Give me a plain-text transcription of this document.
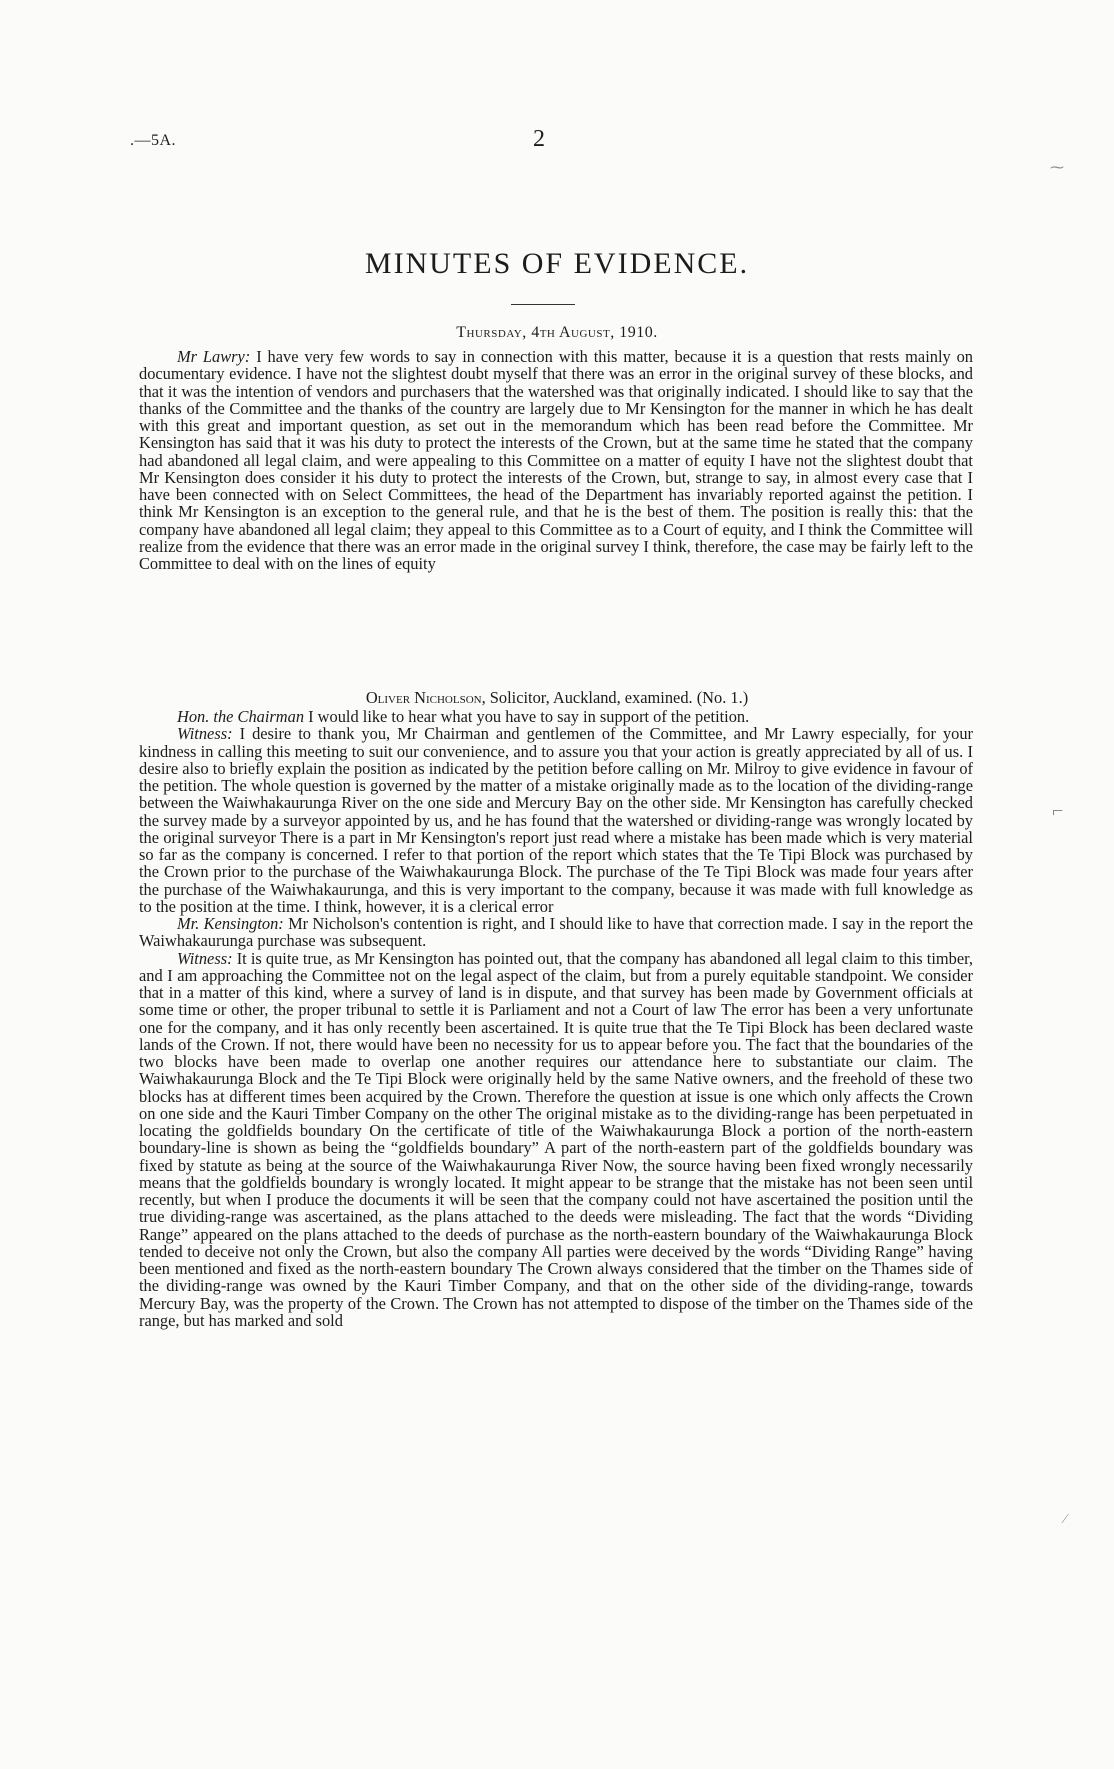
.—5A.	2
MINUTES OF EVIDENCE.
Thursday, 4th August, 1910.

Mr Lawry: I have very few words to say in connection with this matter, because it is a question that rests mainly on documentary evidence. I have not the slightest doubt myself that there was an error in the original survey of these blocks, and that it was the intention of vendors and purchasers that the watershed was that originally indicated. I should like to say that the thanks of the Committee and the thanks of the country are largely due to Mr Kensington for the manner in which he has dealt with this great and important question, as set out in the memorandum which has been read before the Committee. Mr Kensington has said that it was his duty to protect the interests of the Crown, but at the same time he stated that the company had abandoned all legal claim, and were appealing to this Committee on a matter of equity I have not the slightest doubt that Mr Kensington does consider it his duty to protect the interests of the Crown, but, strange to say, in almost every case that I have been connected with on Select Committees, the head of the Department has invariably reported against the petition. I think Mr Kensington is an exception to the general rule, and that he is the best of them. The position is really this: that the company have abandoned all legal claim; they appeal to this Committee as to a Court of equity, and I think the Committee will realize from the evidence that there was an error made in the original survey I think, therefore, the case may be fairly left to the Committee to deal with on the lines of equity

Oliver Nicholson, Solicitor, Auckland, examined. (No. 1.)

Hon. the Chairman I would like to hear what you have to say in support of the petition.

Witness: I desire to thank you, Mr Chairman and gentlemen of the Committee, and Mr Lawry especially, for your kindness in calling this meeting to suit our convenience, and to assure you that your action is greatly appreciated by all of us. I desire also to briefly explain the position as indicated by the petition before calling on Mr. Milroy to give evidence in favour of the petition. The whole question is governed by the matter of a mistake originally made as to the location of the dividing-range between the Waiwhakaurunga River on the one side and Mercury Bay on the other side. Mr Kensington has carefully checked the survey made by a surveyor appointed by us, and he has found that the watershed or dividing-range was wrongly located by the original surveyor There is a part in Mr Kensington's report just read where a mistake has been made which is very material so far as the company is concerned. I refer to that portion of the report which states that the Te Tipi Block was purchased by the Crown prior to the purchase of the Waiwhakaurunga Block. The purchase of the Te Tipi Block was made four years after the purchase of the Waiwhakaurunga, and this is very important to the company, because it was made with full knowledge as to the position at the time. I think, however, it is a clerical error

Mr. Kensington: Mr Nicholson's contention is right, and I should like to have that correction made. I say in the report the Waiwhakaurunga purchase was subsequent.

Witness: It is quite true, as Mr Kensington has pointed out, that the company has abandoned all legal claim to this timber, and I am approaching the Committee not on the legal aspect of the claim, but from a purely equitable standpoint. We consider that in a matter of this kind, where a survey of land is in dispute, and that survey has been made by Government officials at some time or other, the proper tribunal to settle it is Parliament and not a Court of law The error has been a very unfortunate one for the company, and it has only recently been ascertained. It is quite true that the Te Tipi Block has been declared waste lands of the Crown. If not, there would have been no necessity for us to appear before you. The fact that the boundaries of the two blocks have been made to overlap one another requires our attendance here to substantiate our claim. The Waiwhakaurunga Block and the Te Tipi Block were originally held by the same Native owners, and the freehold of these two blocks has at different times been acquired by the Crown. Therefore the question at issue is one which only affects the Crown on one side and the Kauri Timber Company on the other The original mistake as to the dividing-range has been perpetuated in locating the goldfields boundary On the certificate of title of the Waiwhakaurunga Block a portion of the north-eastern boundary-line is shown as being the “goldfields boundary” A part of the north-eastern part of the goldfields boundary was fixed by statute as being at the source of the Waiwhakaurunga River Now, the source having been fixed wrongly necessarily means that the goldfields boundary is wrongly located. It might appear to be strange that the mistake has not been seen until recently, but when I produce the documents it will be seen that the company could not have ascertained the position until the true dividing-range was ascertained, as the plans attached to the deeds were misleading. The fact that the words “Dividing Range” appeared on the plans attached to the deeds of purchase as the north-eastern boundary of the Waiwhakaurunga Block tended to deceive not only the Crown, but also the company All parties were deceived by the words “Dividing Range” having been mentioned and fixed as the north-eastern boundary The Crown always considered that the timber on the Thames side of the dividing-range was owned by the Kauri Timber Company, and that on the other side of the dividing-range, towards Mercury Bay, was the property of the Crown. The Crown has not attempted to dispose of the timber on the Thames side of the range, but has marked and sold

⁓
⌐
⁄
